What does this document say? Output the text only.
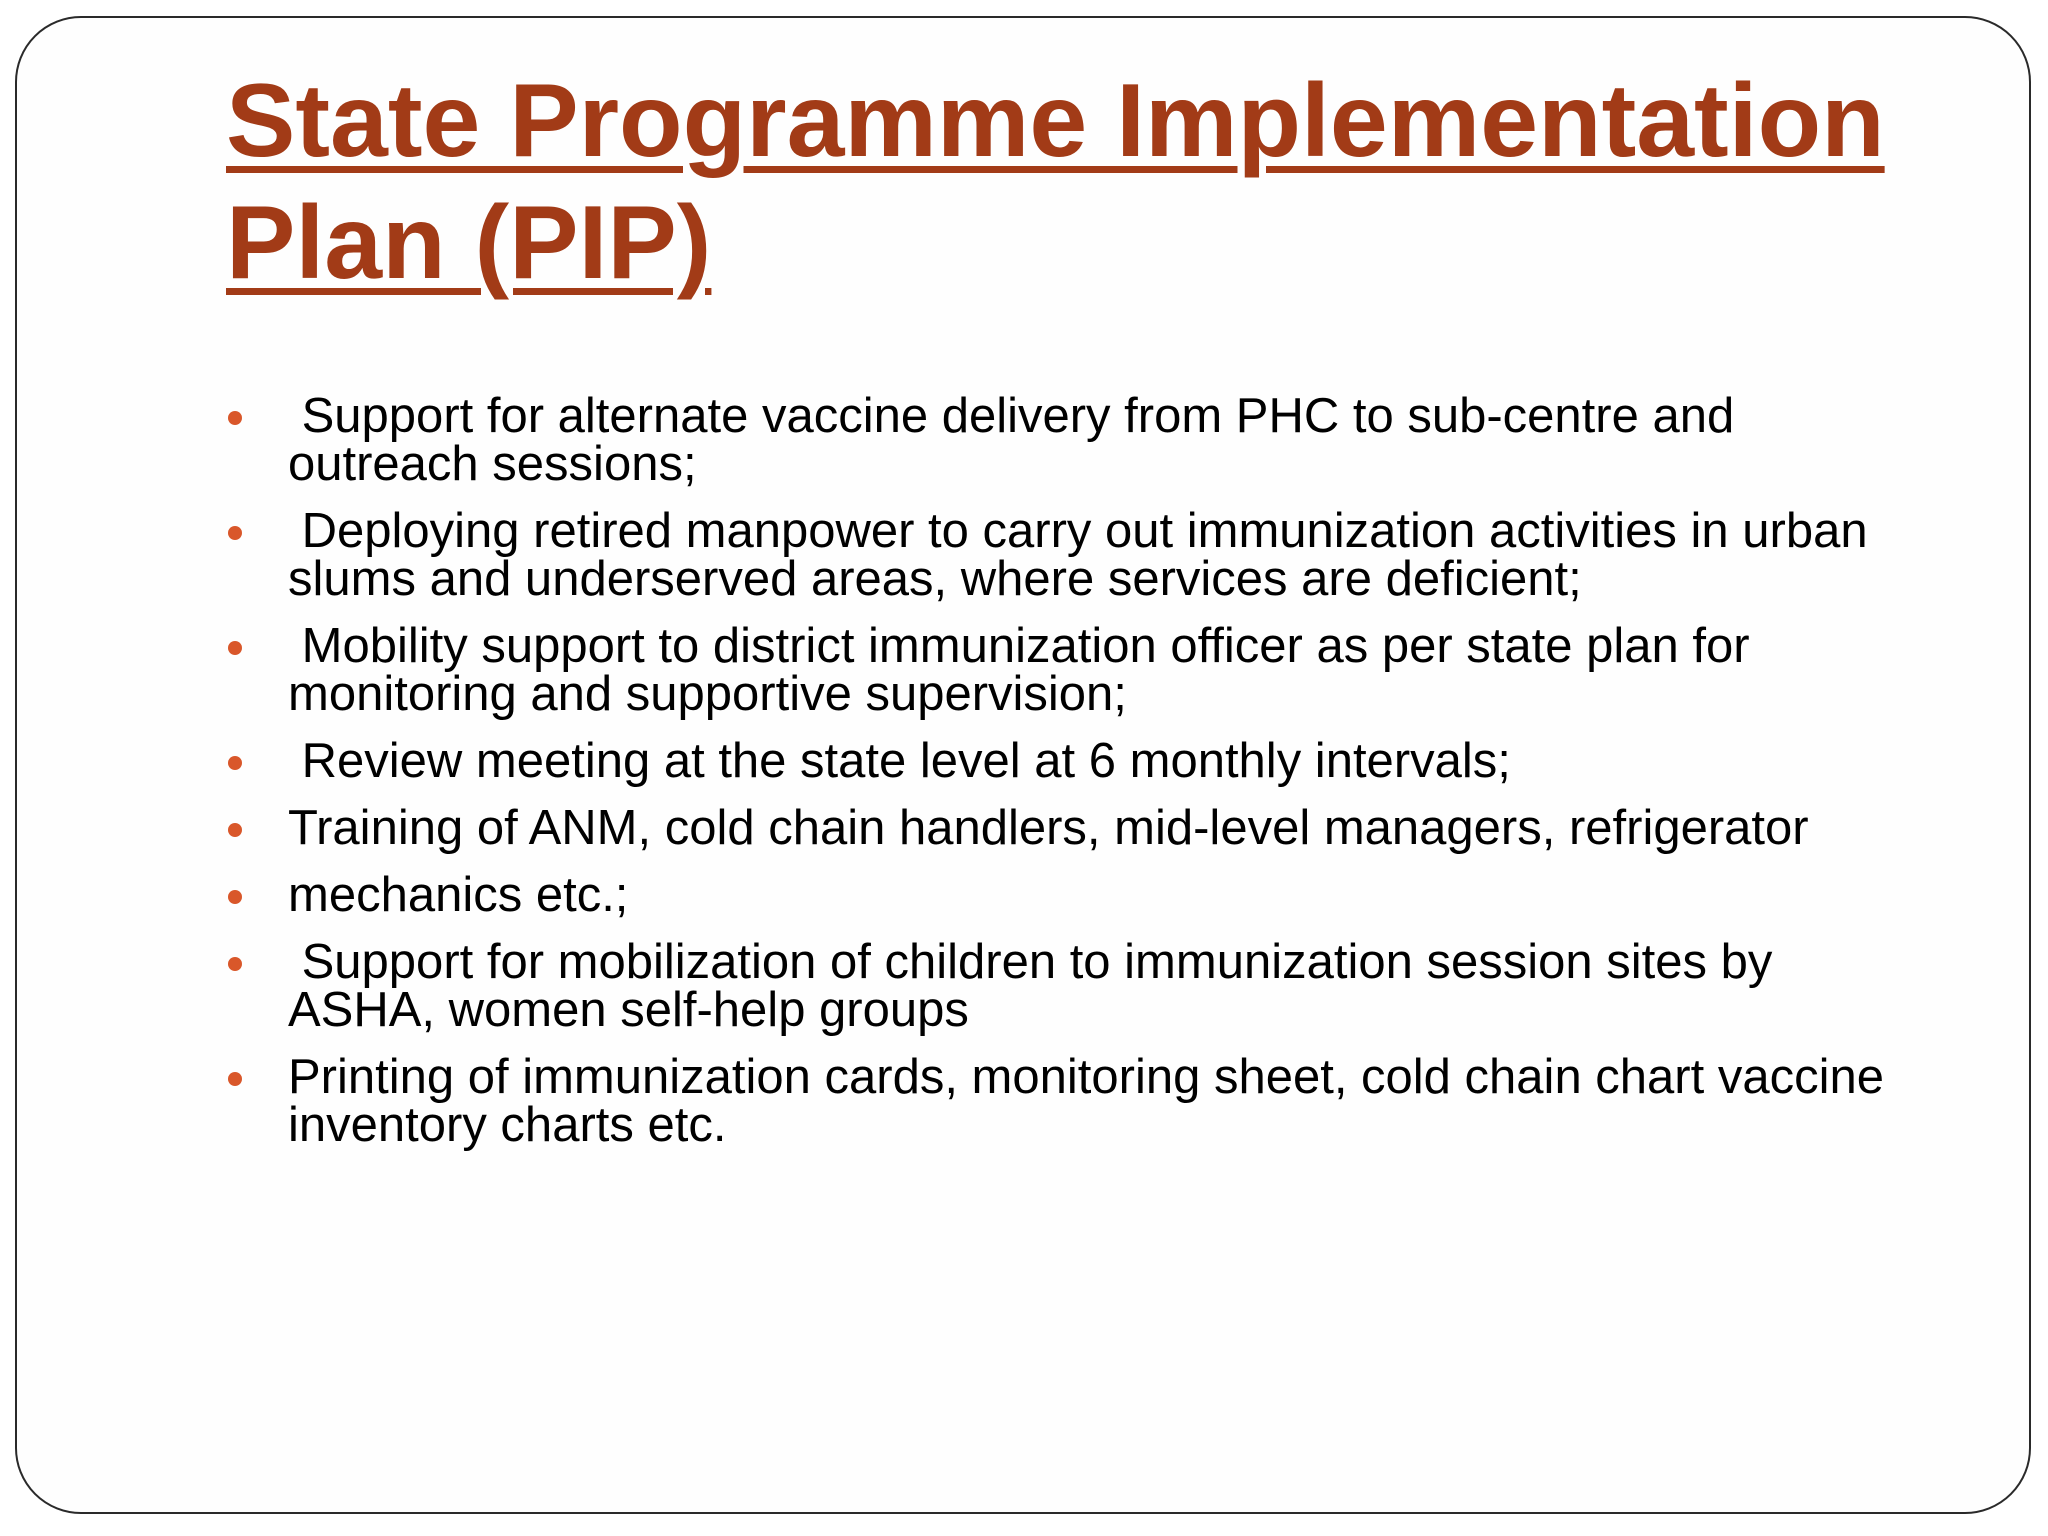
State Programme Implementation
Plan (PIP)
Support for alternate vaccine delivery from PHC to sub-centre and outreach sessions;
Deploying retired manpower to carry out immunization activities in urban slums and underserved areas, where services are deficient;
Mobility support to district immunization officer as per state plan for monitoring and supportive supervision;
Review meeting at the state level at 6 monthly intervals;
Training of ANM, cold chain handlers, mid-level managers, refrigerator
mechanics etc.;
Support for mobilization of children to immunization session sites by ASHA, women self-help groups
Printing of immunization cards, monitoring sheet, cold chain chart vaccine inventory charts etc.
